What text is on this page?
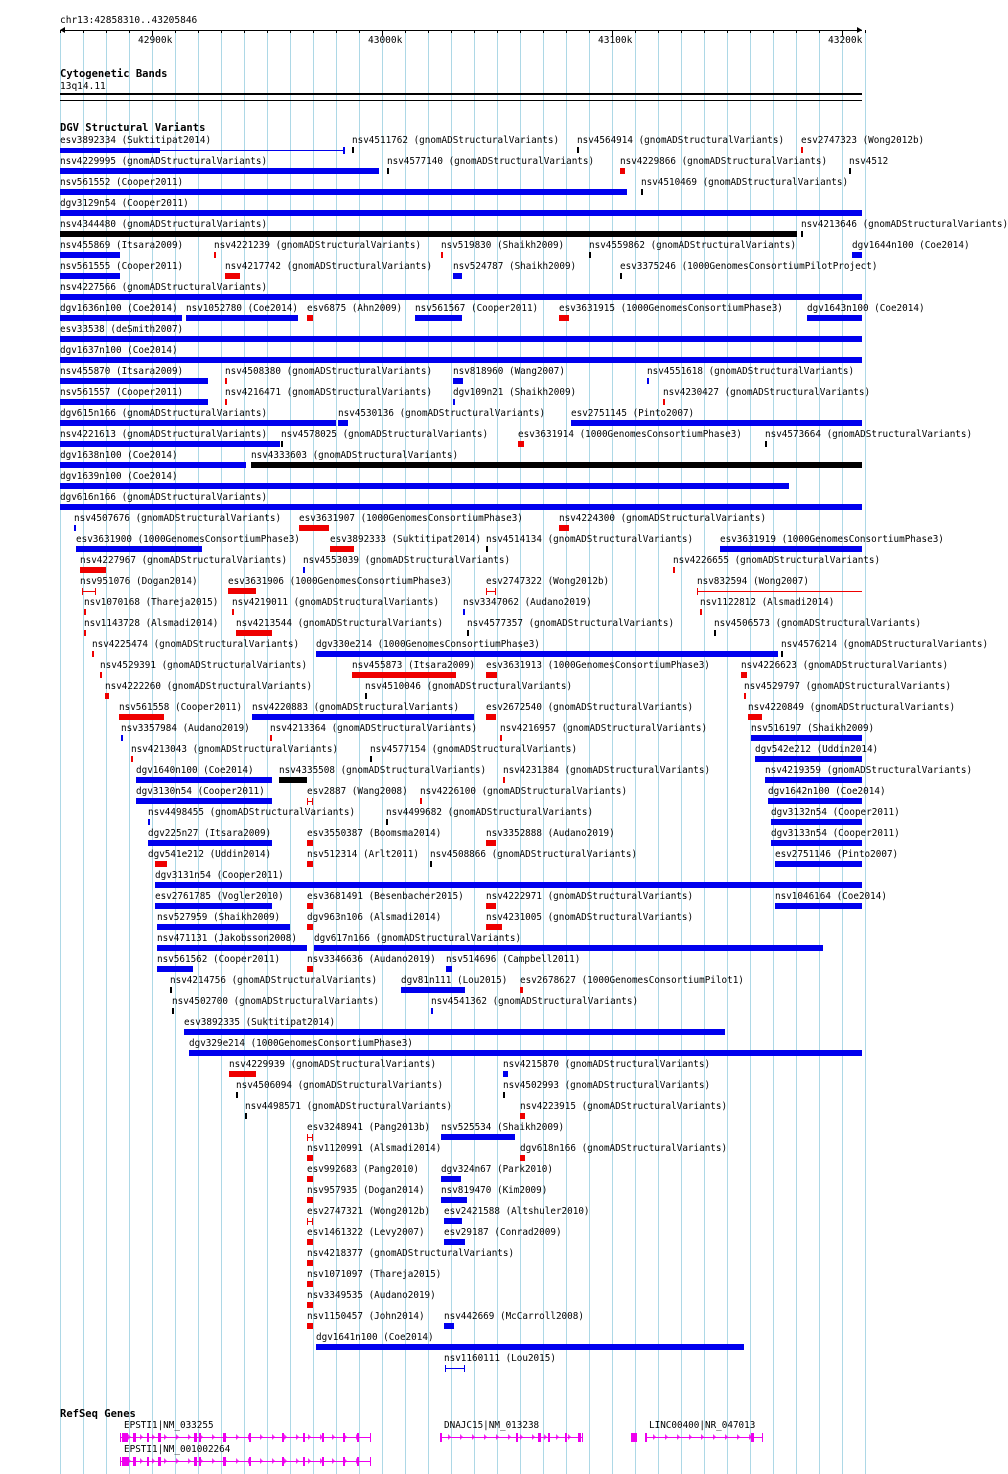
chr13:42858310..43205846
42900k	43000k	43100k	43200k
Cytogenetic Bands
13q14.11
DGV Structural Variants
esv3892334 (Suktitipat2014)	nsv4511762 (gnomADStructuralVariants) nsv4564914 (gnomADStructuralVariants) esv2747323 (Wong2012b)
nsv4229995 (gnomADStructuralVariants)	nsv4577140 (gnomADStructuralVariants)	nsv4229866 (gnomADStructuralVariants) nsv4512
nsv561552 (Cooper2011)	nsv4510469 (gnomADStructuralVariants)
dgv3129n54 (Cooper2011)
nsv4344480 (gnomADStructuralVariants)	nsv4213646 (gnomADStructuralVariants)
nsv455869 (Itsara2009)	nsv4221239 (gnomADStructuralVariants) nsv519830 (Shaikh2009)	nsv4559862 (gnomADStructuralVariants)	dgv1644n100 (Coe2014)
nsv561555 (Cooper2011)	nsv4217742 (gnomADStructuralVariants) nsv524787 (Shaikh2009)	esv3375246 (1000GenomesConsortiumPilotProject)
nsv4227566 (gnomADStructuralVariants)
dgv1636n100 (Coe2014) nsv1052780 (Coe2014) esv6875 (Ahn2009) nsv561567 (Cooper2011) esv3631915 (1000GenomesConsortiumPhase3)	dgv1643n100 (Coe2014)
esv33538 (deSmith2007)
dgv1637n100 (Coe2014)
nsv455870 (Itsara2009)	nsv4508380 (gnomADStructuralVariants) nsv818960 (Wang2007)	nsv4551618 (gnomADStructuralVariants)
nsv561557 (Cooper2011)	nsv4216471 (gnomADStructuralVariants) dgv109n21 (Shaikh2009)	nsv4230427 (gnomADStructuralVariants)
dgv615n166 (gnomADStructuralVariants)	nsv4530136 (gnomADStructuralVariants)	esv2751145 (Pinto2007)
nsv4221613 (gnomADStructuralVariants) nsv4578025 (gnomADStructuralVariants)	esv3631914 (1000GenomesConsortiumPhase3) nsv4573664 (gnomADStructuralVariants)
dgv1638n100 (Coe2014)	nsv4333603 (gnomADStructuralVariants)
dgv1639n100 (Coe2014)
dgv616n166 (gnomADStructuralVariants)
nsv4507676 (gnomADStructuralVariants) esv3631907 (1000GenomesConsortiumPhase3)	nsv4224300 (gnomADStructuralVariants)
esv3631900 (1000GenomesConsortiumPhase3)	esv3892333 (Suktitipat2014) nsv4514134 (gnomADStructuralVariants)	esv3631919 (1000GenomesConsortiumPhase3)
nsv4227967 (gnomADStructuralVariants) nsv4553039 (gnomADStructuralVariants)	nsv4226655 (gnomADStructuralVariants)
nsv951076 (Dogan2014)	esv3631906 (1000GenomesConsortiumPhase3)	esv2747322 (Wong2012b)	nsv832594 (Wong2007)
nsv1070168 (Thareja2015) nsv4219011 (gnomADStructuralVariants)	nsv3347062 (Audano2019)	nsv1122812 (Alsmadi2014)
nsv1143728 (Alsmadi2014) nsv4213544 (gnomADStructuralVariants)	nsv4577357 (gnomADStructuralVariants)	nsv4506573 (gnomADStructuralVariants)
nsv4225474 (gnomADStructuralVariants) dgv330e214 (1000GenomesConsortiumPhase3)	nsv4576214 (gnomADStructuralVariants)
nsv4529391 (gnomADStructuralVariants)	nsv455873 (Itsara2009) esv3631913 (1000GenomesConsortiumPhase3)	nsv4226623 (gnomADStructuralVariants)
nsv4222260 (gnomADStructuralVariants)	nsv4510046 (gnomADStructuralVariants)	nsv4529797 (gnomADStructuralVariants)
nsv561558 (Cooper2011) nsv4220883 (gnomADStructuralVariants)	esv2672540 (gnomADStructuralVariants)	nsv4220849 (gnomADStructuralVariants)
nsv3357984 (Audano2019) nsv4213364 (gnomADStructuralVariants) nsv4216957 (gnomADStructuralVariants)	nsv516197 (Shaikh2009)
nsv4213043 (gnomADStructuralVariants)	nsv4577154 (gnomADStructuralVariants)	dgv542e212 (Uddin2014)
dgv1640n100 (Coe2014)	nsv4335508 (gnomADStructuralVariants) nsv4231384 (gnomADStructuralVariants)	nsv4219359 (gnomADStructuralVariants)
dgv3130n54 (Cooper2011)	esv2887 (Wang2008) nsv4226100 (gnomADStructuralVariants)	dgv1642n100 (Coe2014)
nsv4498455 (gnomADStructuralVariants)	nsv4499682 (gnomADStructuralVariants)	dgv3132n54 (Cooper2011)
dgv225n27 (Itsara2009)	esv3550387 (Boomsma2014)	nsv3352888 (Audano2019)	dgv3133n54 (Cooper2011)
dgv541e212 (Uddin2014)	nsv512314 (Arlt2011) nsv4508866 (gnomADStructuralVariants)	esv2751146 (Pinto2007)
dgv3131n54 (Cooper2011)
esv2761785 (Vogler2010)	esv3681491 (Besenbacher2015) nsv4222971 (gnomADStructuralVariants)	nsv1046164 (Coe2014)
nsv527959 (Shaikh2009)	dgv963n106 (Alsmadi2014)	nsv4231005 (gnomADStructuralVariants)
nsv471131 (Jakobsson2008) dgv617n166 (gnomADStructuralVariants)
nsv561562 (Cooper2011)	nsv3346636 (Audano2019) nsv514696 (Campbell2011)
nsv4214756 (gnomADStructuralVariants)	dgv81n111 (Lou2015) esv2678627 (1000GenomesConsortiumPilot1)
nsv4502700 (gnomADStructuralVariants)	nsv4541362 (gnomADStructuralVariants)
esv3892335 (Suktitipat2014)
dgv329e214 (1000GenomesConsortiumPhase3)
nsv4229939 (gnomADStructuralVariants)	nsv4215870 (gnomADStructuralVariants)
nsv4506094 (gnomADStructuralVariants)	nsv4502993 (gnomADStructuralVariants)
nsv4498571 (gnomADStructuralVariants)	nsv4223915 (gnomADStructuralVariants)
esv3248941 (Pang2013b) nsv525534 (Shaikh2009)
nsv1120991 (Alsmadi2014)	dgv618n166 (gnomADStructuralVariants)
esv992683 (Pang2010) dgv324n67 (Park2010)
nsv957935 (Dogan2014) nsv819470 (Kim2009)
esv2747321 (Wong2012b) esv2421588 (Altshuler2010)
esv1461322 (Levy2007) esv29187 (Conrad2009)
nsv4218377 (gnomADStructuralVariants)
nsv1071097 (Thareja2015)
nsv3349535 (Audano2019)
nsv1150457 (John2014) nsv442669 (McCarroll2008)
dgv1641n100 (Coe2014)
nsv1160111 (Lou2015)
RefSeq Genes
EPSTI1|NM_033255
EPSTI1|NM_001002264
DNAJC15|NM_013238	LINC00400|NR_047013
